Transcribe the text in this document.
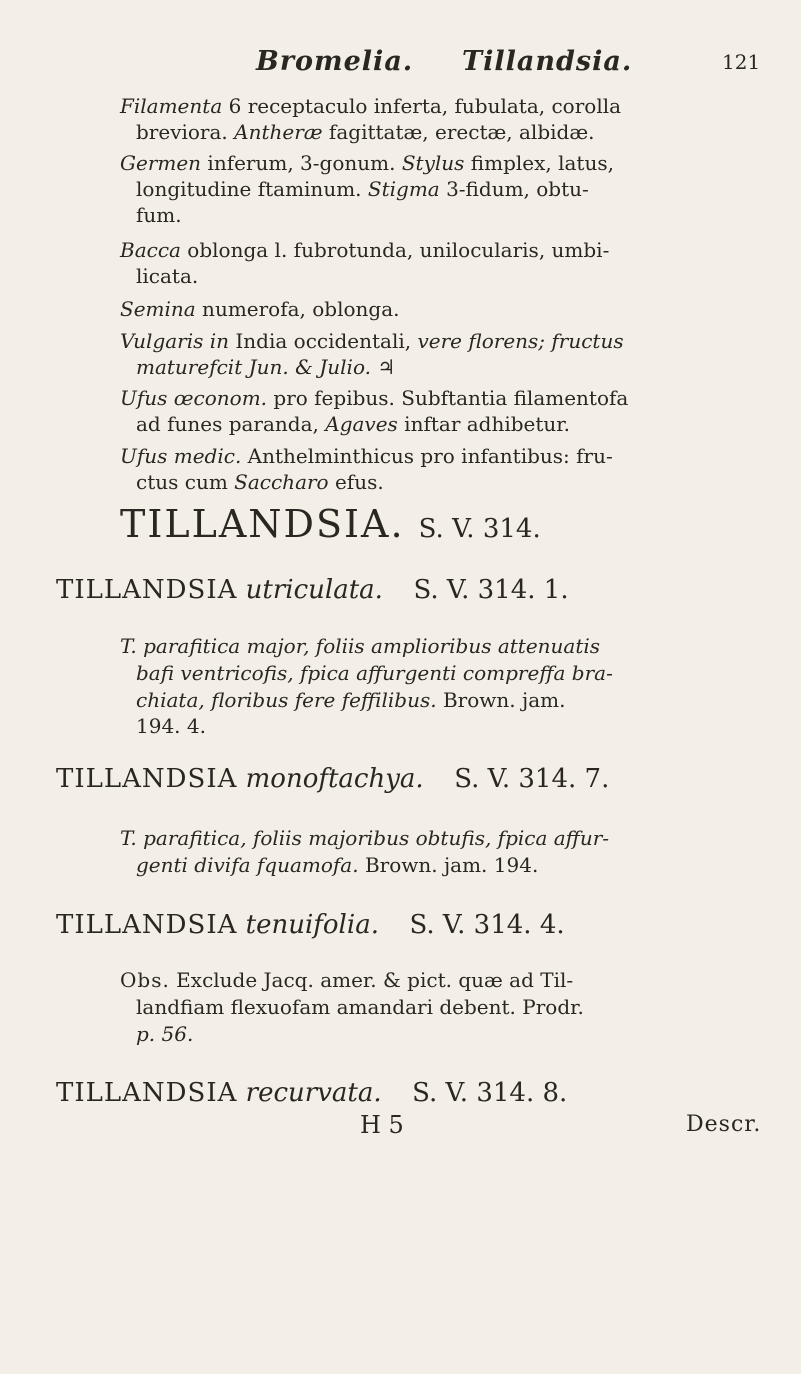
Bromelia. Tillandsia.	121
Filamenta 6 receptaculo inferta, fubulata, corolla
breviora. Antheræ fagittatæ, erectæ, albidæ.
Germen inferum, 3-gonum. Stylus fimplex, latus,
longitudine ftaminum. Stigma 3-fidum, obtu-
fum.
Bacca oblonga l. fubrotunda, unilocularis, umbi-
licata.
Semina numerofa, oblonga.
Vulgaris in India occidentali, vere florens; fructus
maturefcit Jun. & Julio. ♃
Ufus œconom. pro fepibus. Subftantia filamentofa
ad funes paranda, Agaves inftar adhibetur.
Ufus medic. Anthelminthicus pro infantibus: fru-
ctus cum Saccharo efus.
TILLANDSIA. S. V. 314.
TILLANDSIA utriculata. S. V. 314. 1.
T. parafitica major, foliis amplioribus attenuatis
bafi ventricofis, fpica affurgenti compreffa bra-
chiata, floribus fere feffilibus. Brown. jam.
194. 4.
TILLANDSIA monoftachya. S. V. 314. 7.
T. parafitica, foliis majoribus obtufis, fpica affur-
genti divifa fquamofa. Brown. jam. 194.
TILLANDSIA tenuifolia. S. V. 314. 4.
Obs. Exclude Jacq. amer. & pict. quæ ad Til-
landfiam flexuofam amandari debent. Prodr.
p. 56.
TILLANDSIA recurvata. S. V. 314. 8.
H 5	Descr.
